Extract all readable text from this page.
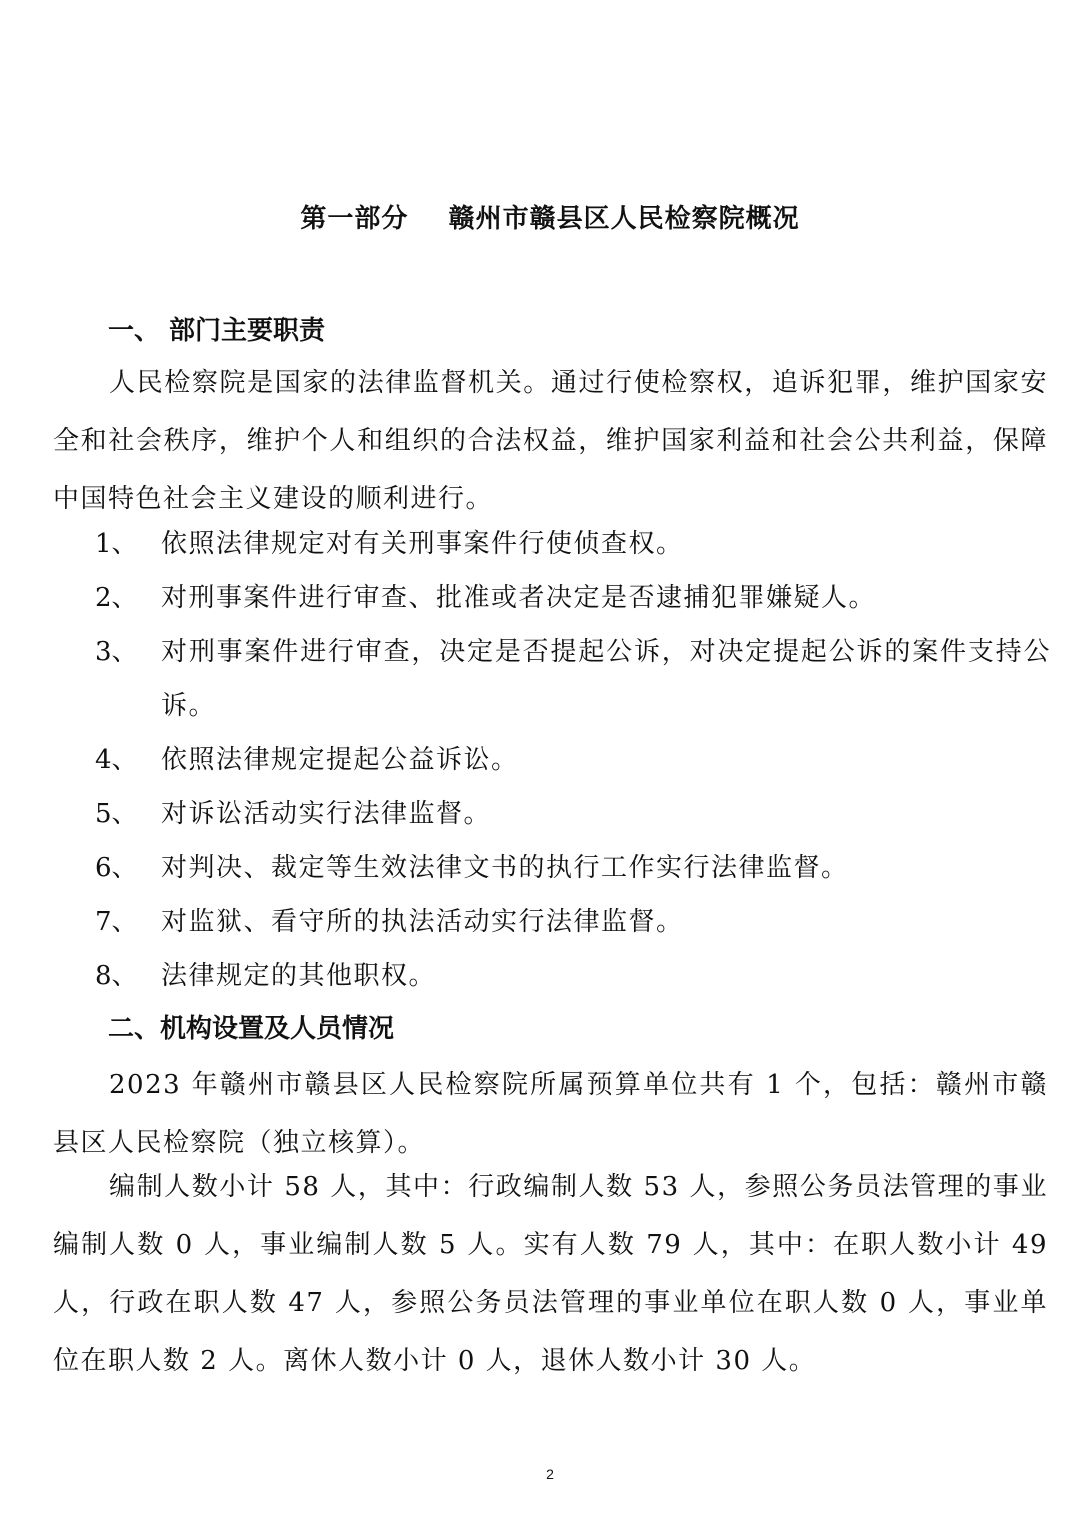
第一部分    赣州市赣县区人民检察院概况
一、 部门主要职责

人民检察院是国家的法律监督机关。通过行使检察权，追诉犯罪，维护国家安全和社会秩序，维护个人和组织的合法权益，维护国家利益和社会公共利益，保障中国特色社会主义建设的顺利进行。

1、 依照法律规定对有关刑事案件行使侦查权。
2、 对刑事案件进行审查、批准或者决定是否逮捕犯罪嫌疑人。
3、 对刑事案件进行审查，决定是否提起公诉，对决定提起公诉的案件支持公诉。
4、 依照法律规定提起公益诉讼。
5、 对诉讼活动实行法律监督。
6、 对判决、裁定等生效法律文书的执行工作实行法律监督。
7、 对监狱、看守所的执法活动实行法律监督。
8、 法律规定的其他职权。
二、机构设置及人员情况

2023 年赣州市赣县区人民检察院所属预算单位共有 1 个，包括：赣州市赣县区人民检察院（独立核算）。

编制人数小计 58 人，其中：行政编制人数 53 人，参照公务员法管理的事业编制人数 0 人，事业编制人数 5 人。实有人数 79 人，其中：在职人数小计 49 人，行政在职人数 47 人，参照公务员法管理的事业单位在职人数 0 人，事业单位在职人数 2 人。离休人数小计 0 人，退休人数小计 30 人。

2
